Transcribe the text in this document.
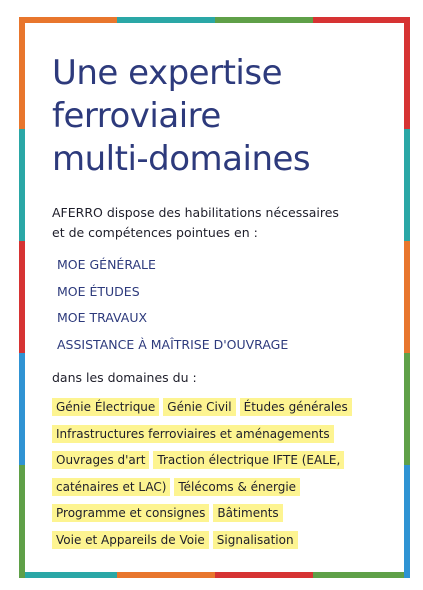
Une expertise
ferroviaire
multi-domaines
AFERRO dispose des habilitations nécessaires
et de compétences pointues en :
MOE GÉNÉRALE
MOE ÉTUDES
MOE TRAVAUX
ASSISTANCE À MAÎTRISE D'OUVRAGE
dans les domaines du :
Génie Électrique Génie Civil Études générales
Infrastructures ferroviaires et aménagements
Ouvrages d'art Traction électrique IFTE (EALE,
caténaires et LAC) Télécoms & énergie
Programme et consignes Bâtiments
Voie et Appareils de Voie Signalisation
